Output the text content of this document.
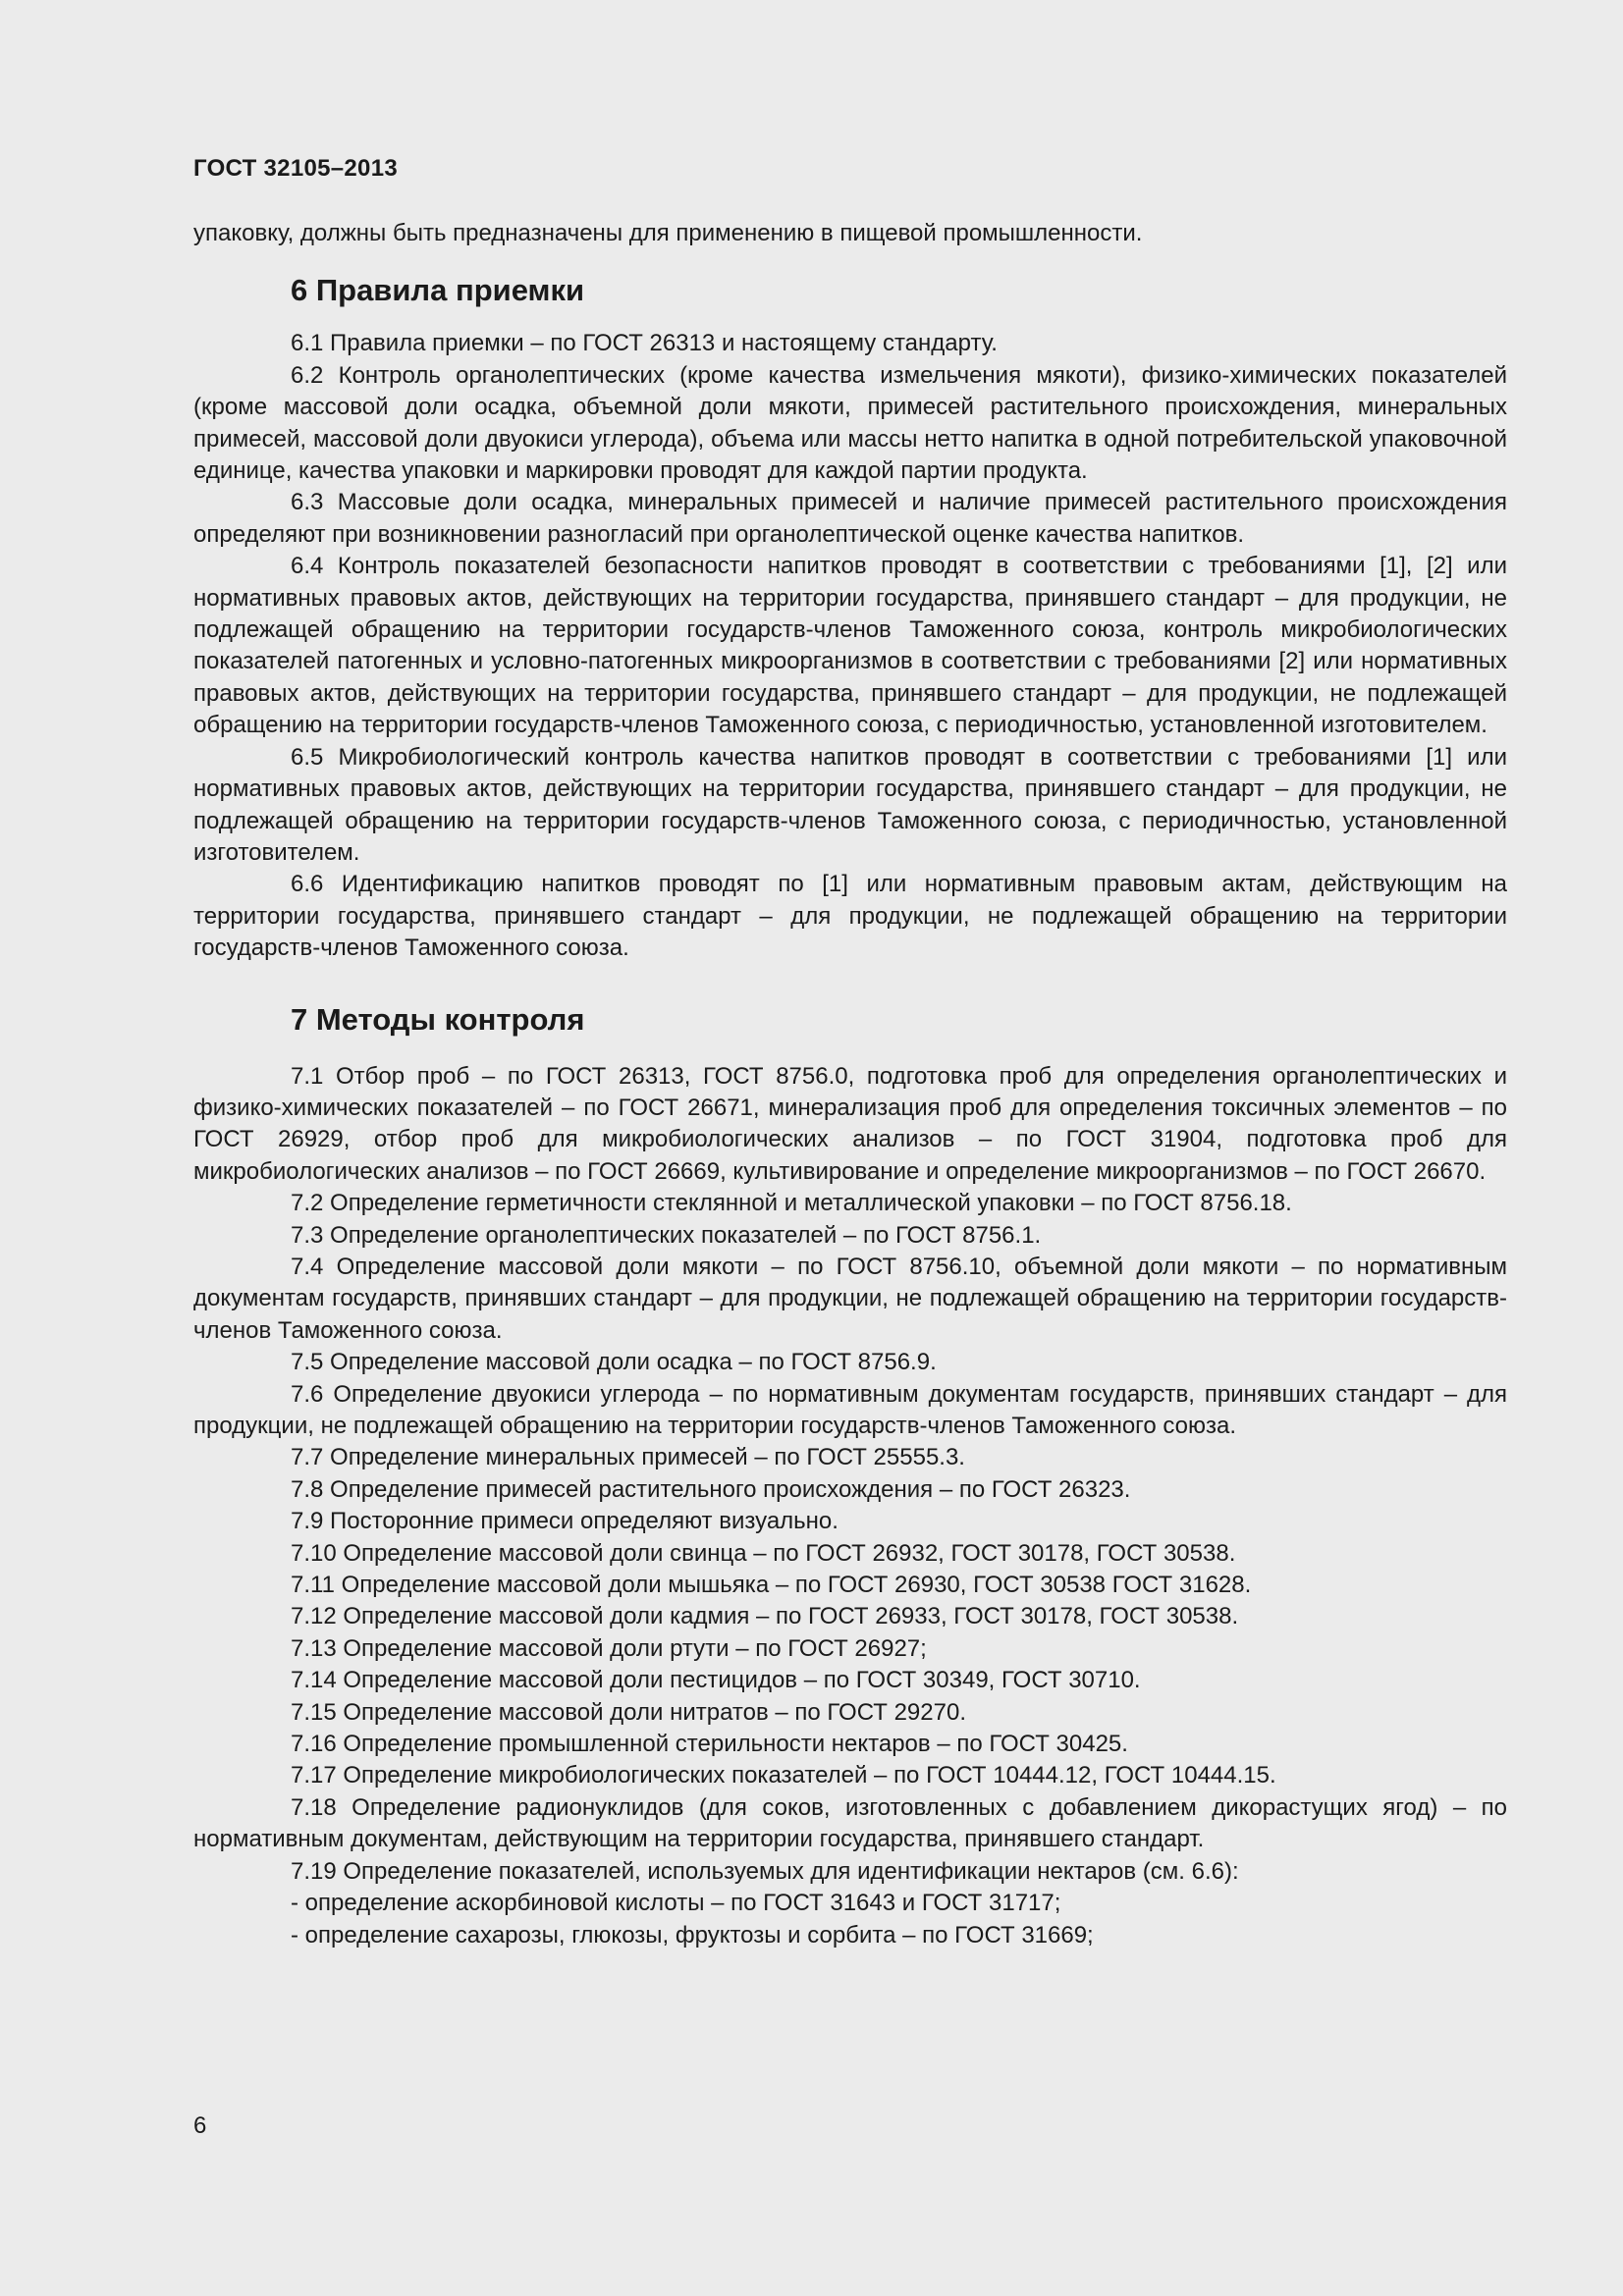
ГОСТ 32105–2013

упаковку, должны быть предназначены для применению в пищевой промышленности.

6 Правила приемки

6.1 Правила приемки – по ГОСТ 26313 и настоящему стандарту.

6.2 Контроль органолептических (кроме качества измельчения мякоти), физико-химических показателей (кроме массовой доли осадка, объемной доли мякоти, примесей растительного происхождения, минеральных примесей, массовой доли двуокиси углерода), объема или массы нетто напитка в одной потребительской упаковочной единице, качества упаковки и маркировки проводят для каждой партии продукта.

6.3 Массовые доли осадка, минеральных примесей и наличие примесей растительного происхождения определяют при возникновении разногласий при органолептической оценке качества напитков.

6.4 Контроль показателей безопасности напитков проводят в соответствии с требованиями [1], [2] или нормативных правовых актов, действующих на территории государства, принявшего стандарт – для продукции, не подлежащей обращению на территории государств-членов Таможенного союза, контроль микробиологических показателей патогенных и условно-патогенных микроорганизмов в соответствии с требованиями [2] или нормативных правовых актов, действующих на территории государства, принявшего стандарт – для продукции, не подлежащей обращению на территории государств-членов Таможенного союза, с периодичностью, установленной изготовителем.

6.5 Микробиологический контроль качества напитков проводят в соответствии с требованиями [1] или нормативных правовых актов, действующих на территории государства, принявшего стандарт – для продукции, не подлежащей обращению на территории государств-членов Таможенного союза, с периодичностью, установленной изготовителем.

6.6 Идентификацию напитков проводят по [1] или нормативным правовым актам, действующим на территории государства, принявшего стандарт – для продукции, не подлежащей обращению на территории государств-членов Таможенного союза.

7 Методы контроля

7.1 Отбор проб – по ГОСТ 26313, ГОСТ 8756.0, подготовка проб для определения органолептических и физико-химических показателей – по ГОСТ 26671, минерализация проб для определения токсичных элементов – по ГОСТ 26929, отбор проб для микробиологических анализов – по ГОСТ 31904, подготовка проб для микробиологических анализов – по ГОСТ 26669, культивирование и определение микроорганизмов – по ГОСТ 26670.

7.2 Определение герметичности стеклянной и металлической упаковки – по ГОСТ 8756.18.

7.3 Определение органолептических показателей – по ГОСТ 8756.1.

7.4 Определение массовой доли мякоти – по ГОСТ 8756.10, объемной доли мякоти – по нормативным документам государств, принявших стандарт – для продукции, не подлежащей обращению на территории государств-членов Таможенного союза.

7.5 Определение массовой доли осадка – по ГОСТ 8756.9.

7.6 Определение двуокиси углерода – по нормативным документам государств, принявших стандарт – для продукции, не подлежащей обращению на территории государств-членов Таможенного союза.

7.7 Определение минеральных примесей – по ГОСТ 25555.3.

7.8 Определение примесей растительного происхождения – по ГОСТ 26323.

7.9 Посторонние примеси определяют визуально.

7.10 Определение массовой доли свинца – по ГОСТ 26932, ГОСТ 30178, ГОСТ 30538.

7.11 Определение массовой доли мышьяка – по ГОСТ 26930, ГОСТ 30538 ГОСТ 31628.

7.12 Определение массовой доли кадмия – по ГОСТ 26933, ГОСТ 30178, ГОСТ 30538.

7.13 Определение массовой доли ртути – по ГОСТ 26927;

7.14 Определение массовой доли пестицидов – по ГОСТ 30349, ГОСТ 30710.

7.15 Определение массовой доли нитратов – по ГОСТ 29270.

7.16 Определение промышленной стерильности нектаров – по ГОСТ 30425.

7.17 Определение микробиологических показателей – по ГОСТ 10444.12, ГОСТ 10444.15.

7.18 Определение радионуклидов (для соков, изготовленных с добавлением дикорастущих ягод) – по нормативным документам, действующим на территории государства, принявшего стандарт.

7.19 Определение показателей, используемых для идентификации нектаров (см. 6.6):

- определение аскорбиновой кислоты – по ГОСТ 31643 и ГОСТ 31717;

- определение сахарозы, глюкозы, фруктозы и сорбита – по ГОСТ 31669;

6
